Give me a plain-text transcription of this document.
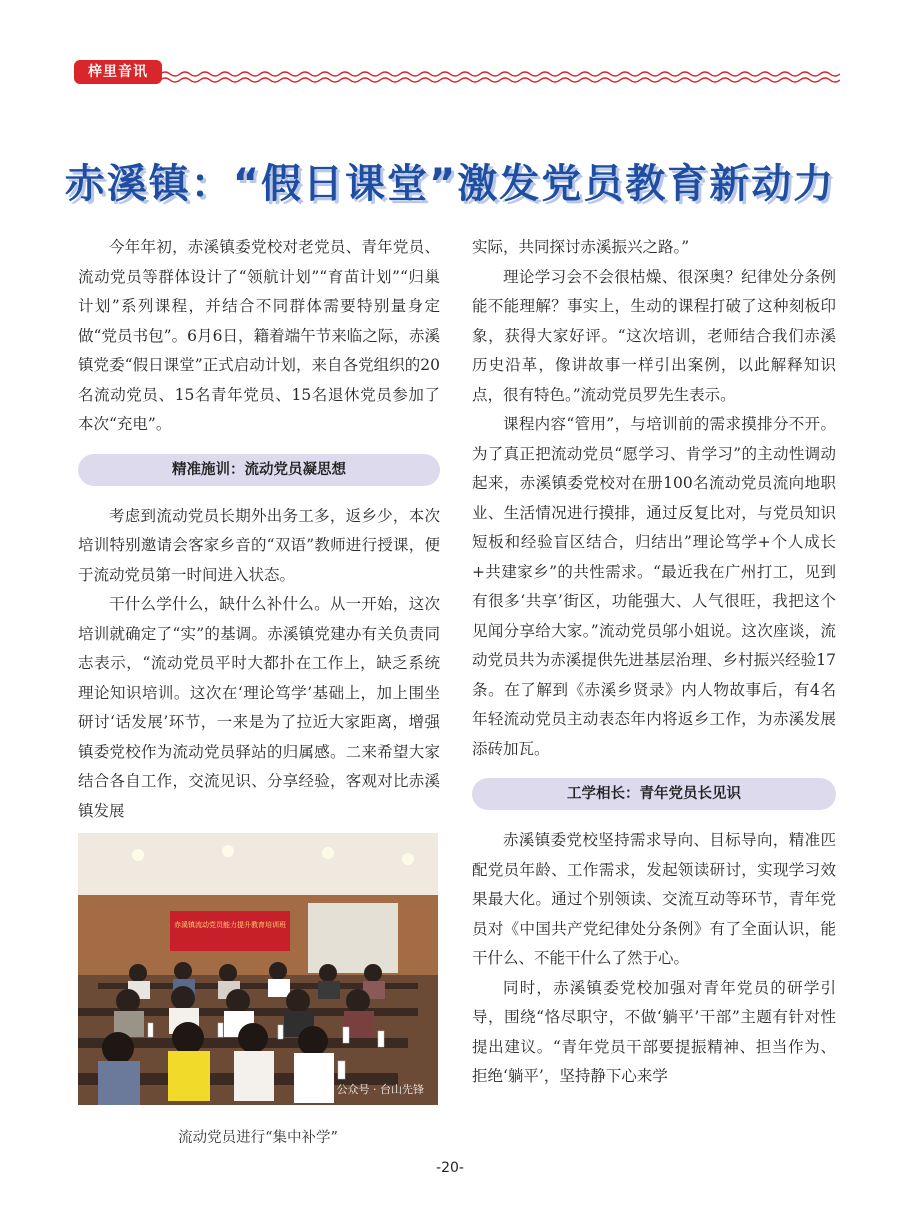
梓里音讯
赤溪镇：“假日课堂”激发党员教育新动力

今年年初，赤溪镇委党校对老党员、青年党员、流动党员等群体设计了“领航计划”“育苗计划”“归巢计划”系列课程，并结合不同群体需要特别量身定做“党员书包”。6月6日，籍着端午节来临之际，赤溪镇党委“假日课堂”正式启动计划，来自各党组织的20名流动党员、15名青年党员、15名退休党员参加了本次“充电”。

精准施训：流动党员凝思想

考虑到流动党员长期外出务工多，返乡少，本次培训特别邀请会客家乡音的“双语”教师进行授课，便于流动党员第一时间进入状态。

干什么学什么，缺什么补什么。从一开始，这次培训就确定了“实”的基调。赤溪镇党建办有关负责同志表示，“流动党员平时大都扑在工作上，缺乏系统理论知识培训。这次在‘理论笃学’基础上，加上围坐研讨‘话发展’环节，一来是为了拉近大家距离，增强镇委党校作为流动党员驿站的归属感。二来希望大家结合各自工作，交流见识、分享经验，客观对比赤溪镇发展

实际，共同探讨赤溪振兴之路。”

理论学习会不会很枯燥、很深奥？纪律处分条例能不能理解？事实上，生动的课程打破了这种刻板印象，获得大家好评。“这次培训，老师结合我们赤溪历史沿革，像讲故事一样引出案例，以此解释知识点，很有特色。”流动党员罗先生表示。

课程内容“管用”，与培训前的需求摸排分不开。为了真正把流动党员“愿学习、肯学习”的主动性调动起来，赤溪镇委党校对在册100名流动党员流向地职业、生活情况进行摸排，通过反复比对，与党员知识短板和经验盲区结合，归结出”理论笃学+个人成长+共建家乡”的共性需求。“最近我在广州打工，见到有很多‘共享’街区，功能强大、人气很旺，我把这个见闻分享给大家。”流动党员邬小姐说。这次座谈，流动党员共为赤溪提供先进基层治理、乡村振兴经验17条。在了解到《赤溪乡贤录》内人物故事后，有4名年轻流动党员主动表态年内将返乡工作，为赤溪发展添砖加瓦。

工学相长：青年党员长见识

赤溪镇委党校坚持需求导向、目标导向，精准匹配党员年龄、工作需求，发起领读研讨，实现学习效果最大化。通过个别领读、交流互动等环节，青年党员对《中国共产党纪律处分条例》有了全面认识，能干什么、不能干什么了然于心。

同时，赤溪镇委党校加强对青年党员的研学引导，围绕“恪尽职守，不做‘躺平’干部”主题有针对性提出建议。“青年党员干部要提振精神、担当作为、拒绝‘躺平’，坚持静下心来学

赤溪镇流动党员能力提升教育培训班
公众号 · 台山先锋
流动党员进行“集中补学”
-20-
